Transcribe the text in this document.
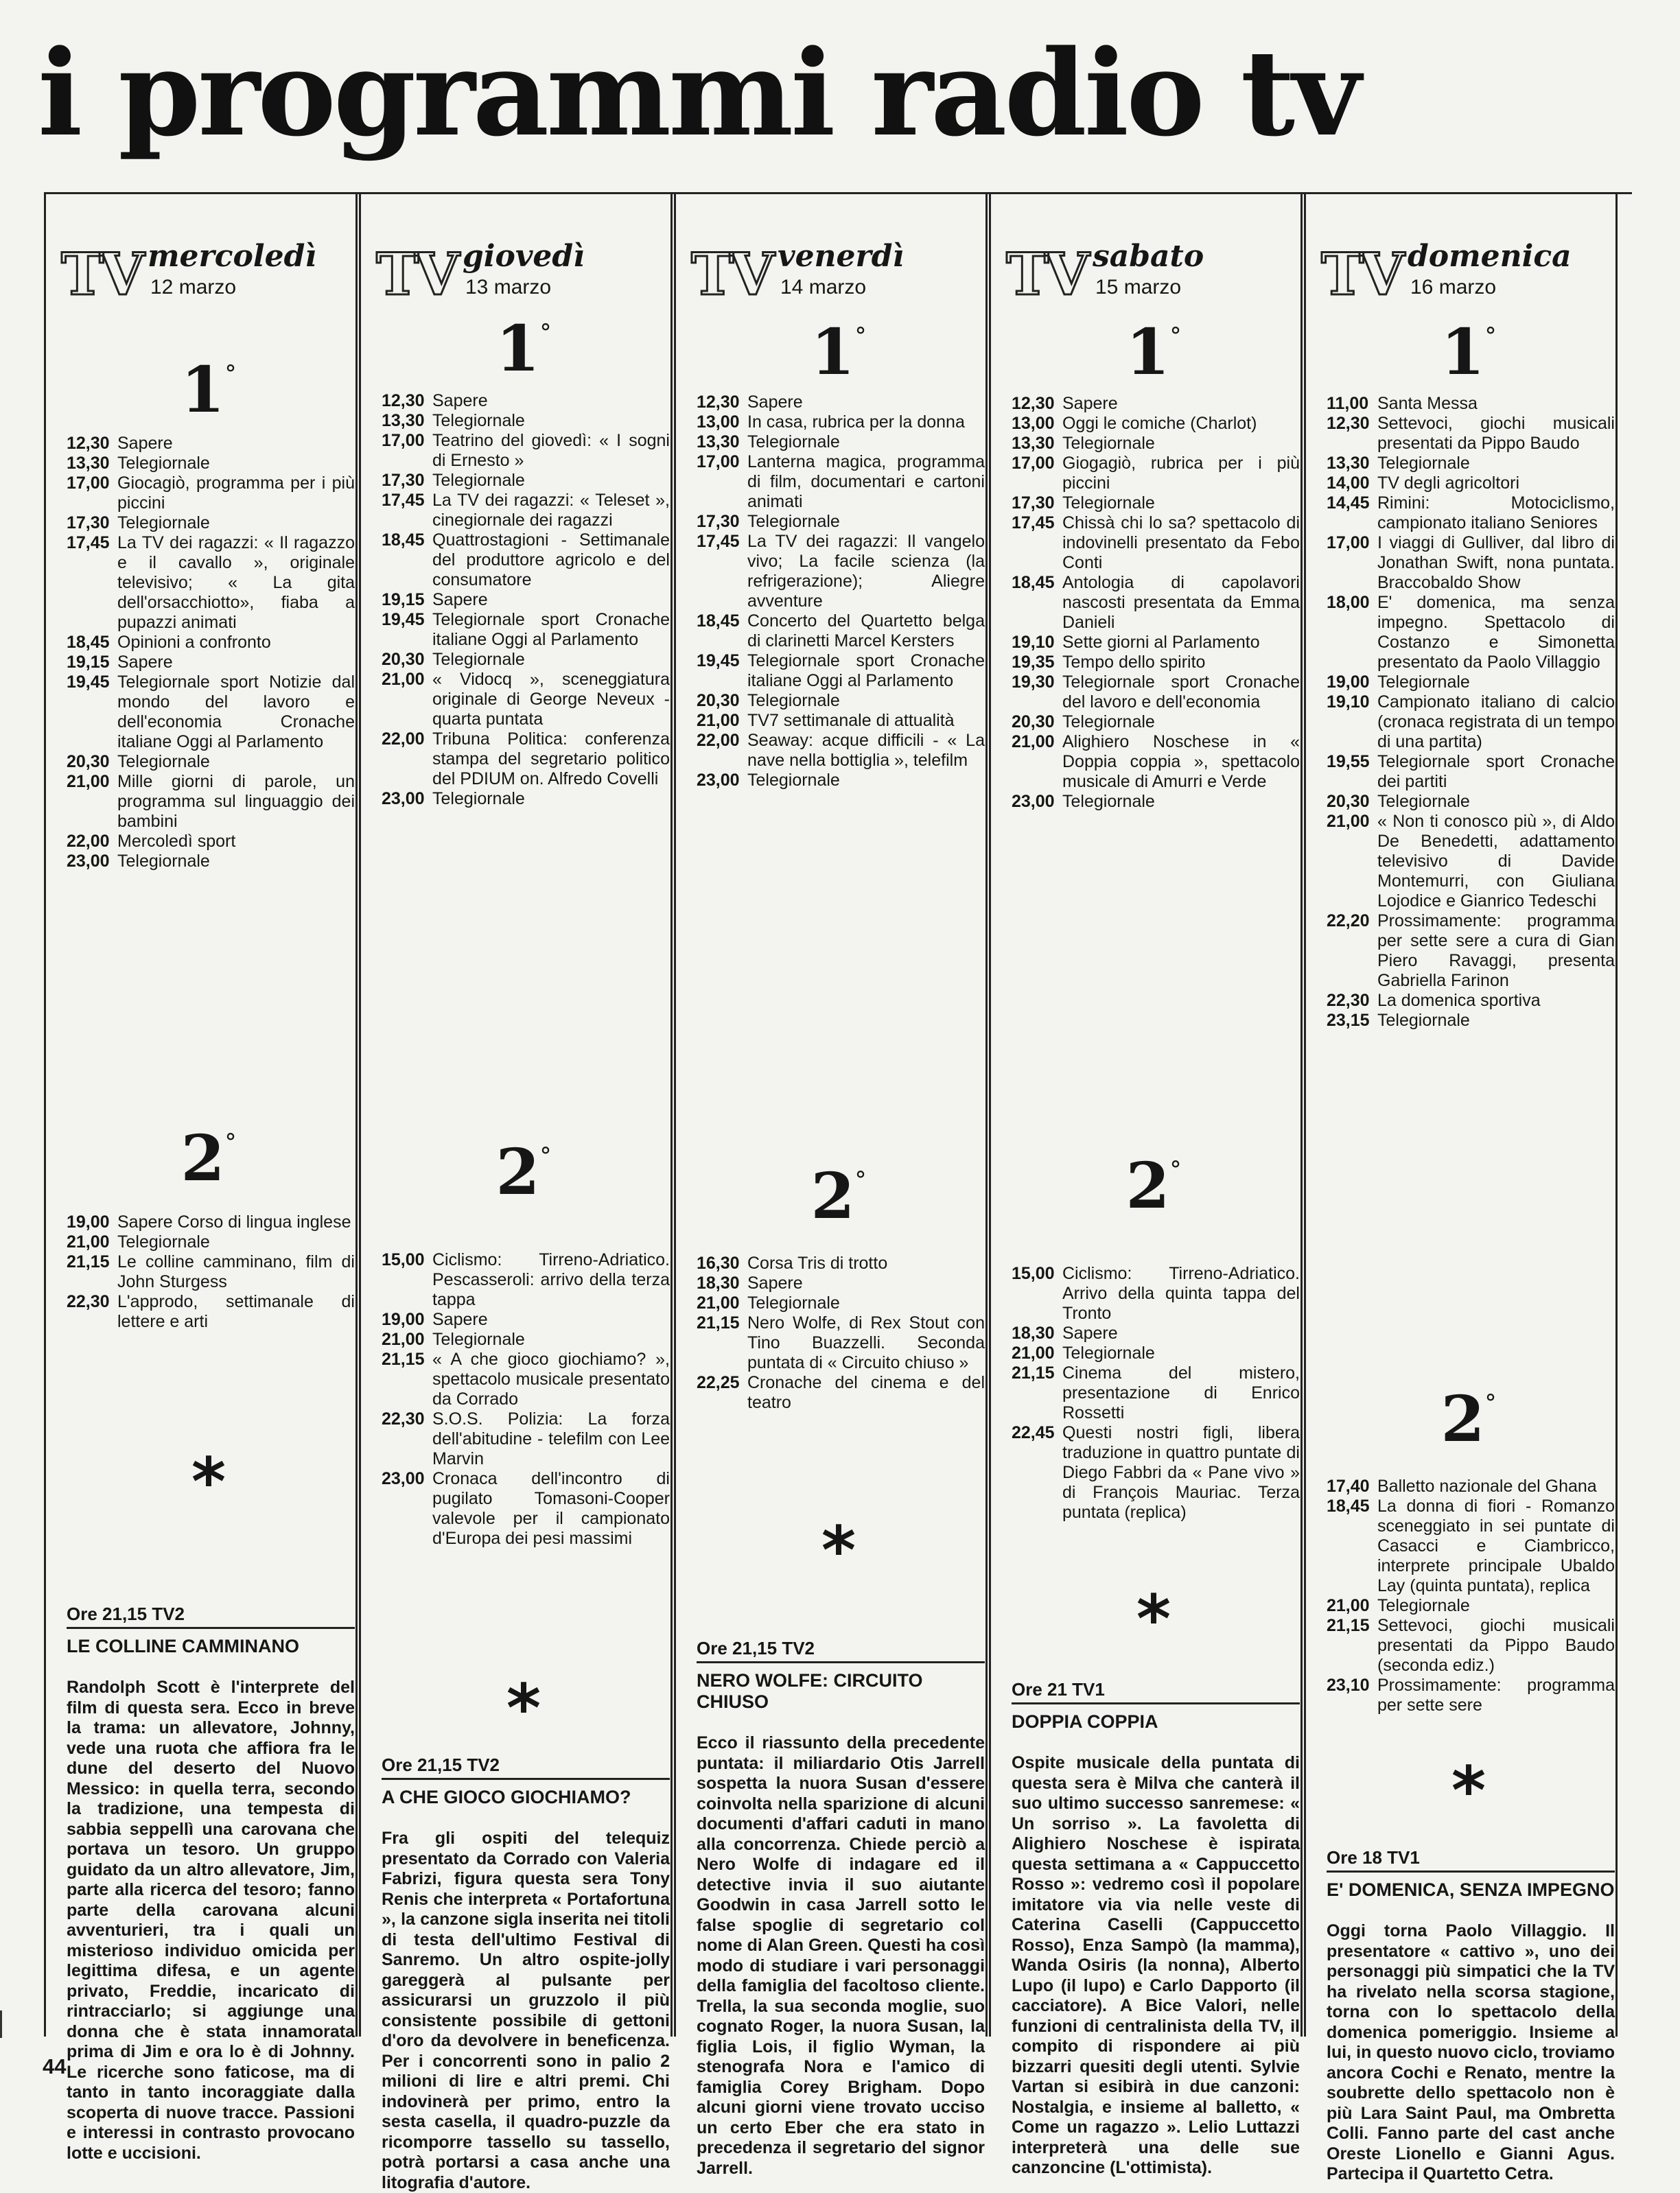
i programmi radio tv
TV mercoledì
12 marzo
1°
12,30 Sapere
13,30 Telegiornale
17,00 Giocagiò, programma per i più piccini
17,30 Telegiornale
17,45 La TV dei ragazzi: « Il ragazzo e il cavallo », originale televisivo; « La gita dell'orsacchiotto», fiaba a pupazzi animati
18,45 Opinioni a confronto
19,15 Sapere
19,45 Telegiornale sport Notizie dal mondo del lavoro e dell'economia Cronache italiane Oggi al Parlamento
20,30 Telegiornale
21,00 Mille giorni di parole, un programma sul linguaggio dei bambini
22,00 Mercoledì sport
23,00 Telegiornale
2°
19,00 Sapere Corso di lingua inglese
21,00 Telegiornale
21,15 Le colline camminano, film di John Sturgess
22,30 L'approdo, settimanale di lettere e arti
*
Ore 21,15 TV2
LE COLLINE CAMMINANO
Randolph Scott è l'interprete del film di questa sera. Ecco in breve la trama: un allevatore, Johnny, vede una ruota che affiora fra le dune del deserto del Nuovo Messico: in quella terra, secondo la tradizione, una tempesta di sabbia seppellì una carovana che portava un tesoro. Un gruppo guidato da un altro allevatore, Jim, parte alla ricerca del tesoro; fanno parte della carovana alcuni avventurieri, tra i quali un misterioso individuo omicida per legittima difesa, e un agente privato, Freddie, incaricato di rintracciarlo; si aggiunge una donna che è stata innamorata prima di Jim e ora lo è di Johnny. Le ricerche sono faticose, ma di tanto in tanto incoraggiate dalla scoperta di nuove tracce. Passioni e interessi in contrasto provocano lotte e uccisioni.
TV giovedì
13 marzo
1°
12,30 Sapere
13,30 Telegiornale
17,00 Teatrino del giovedì: « I sogni di Ernesto »
17,30 Telegiornale
17,45 La TV dei ragazzi: « Teleset », cinegiornale dei ragazzi
18,45 Quattrostagioni - Settimanale del produttore agricolo e del consumatore
19,15 Sapere
19,45 Telegiornale sport Cronache italiane Oggi al Parlamento
20,30 Telegiornale
21,00 « Vidocq », sceneggiatura originale di George Neveux - quarta puntata
22,00 Tribuna Politica: conferenza stampa del segretario politico del PDIUM on. Alfredo Covelli
23,00 Telegiornale
2°
15,00 Ciclismo: Tirreno-Adriatico. Pescasseroli: arrivo della terza tappa
19,00 Sapere
21,00 Telegiornale
21,15 « A che gioco giochiamo? », spettacolo musicale presentato da Corrado
22,30 S.O.S. Polizia: La forza dell'abitudine - telefilm con Lee Marvin
23,00 Cronaca dell'incontro di pugilato Tomasoni-Cooper valevole per il campionato d'Europa dei pesi massimi
*
Ore 21,15 TV2
A CHE GIOCO GIOCHIAMO?
Fra gli ospiti del telequiz presentato da Corrado con Valeria Fabrizi, figura questa sera Tony Renis che interpreta « Portafortuna », la canzone sigla inserita nei titoli di testa dell'ultimo Festival di Sanremo. Un altro ospite-jolly gareggerà al pulsante per assicurarsi un gruzzolo il più consistente possibile di gettoni d'oro da devolvere in beneficenza. Per i concorrenti sono in palio 2 milioni di lire e altri premi. Chi indovinerà per primo, entro la sesta casella, il quadro-puzzle da ricomporre tassello su tassello, potrà portarsi a casa anche una litografia d'autore.
TV venerdì
14 marzo
1°
12,30 Sapere
13,00 In casa, rubrica per la donna
13,30 Telegiornale
17,00 Lanterna magica, programma di film, documentari e cartoni animati
17,30 Telegiornale
17,45 La TV dei ragazzi: Il vangelo vivo; La facile scienza (la refrigerazione); Aliegre avventure
18,45 Concerto del Quartetto belga di clarinetti Marcel Kersters
19,45 Telegiornale sport Cronache italiane Oggi al Parlamento
20,30 Telegiornale
21,00 TV7 settimanale di attualità
22,00 Seaway: acque difficili - « La nave nella bottiglia », telefilm
23,00 Telegiornale
2°
16,30 Corsa Tris di trotto
18,30 Sapere
21,00 Telegiornale
21,15 Nero Wolfe, di Rex Stout con Tino Buazzelli. Seconda puntata di « Circuito chiuso »
22,25 Cronache del cinema e del teatro
*
Ore 21,15 TV2
NERO WOLFE: CIRCUITO CHIUSO
Ecco il riassunto della precedente puntata: il miliardario Otis Jarrell sospetta la nuora Susan d'essere coinvolta nella sparizione di alcuni documenti d'affari caduti in mano alla concorrenza. Chiede perciò a Nero Wolfe di indagare ed il detective invia il suo aiutante Goodwin in casa Jarrell sotto le false spoglie di segretario col nome di Alan Green. Questi ha così modo di studiare i vari personaggi della famiglia del facoltoso cliente. Trella, la sua seconda moglie, suo cognato Roger, la nuora Susan, la figlia Lois, il figlio Wyman, la stenografa Nora e l'amico di famiglia Corey Brigham. Dopo alcuni giorni viene trovato ucciso un certo Eber che era stato in precedenza il segretario del signor Jarrell.
TV sabato
15 marzo
1°
12,30 Sapere
13,00 Oggi le comiche (Charlot)
13,30 Telegiornale
17,00 Giogagiò, rubrica per i più piccini
17,30 Telegiornale
17,45 Chissà chi lo sa? spettacolo di indovinelli presentato da Febo Conti
18,45 Antologia di capolavori nascosti presentata da Emma Danieli
19,10 Sette giorni al Parlamento
19,35 Tempo dello spirito
19,30 Telegiornale sport Cronache del lavoro e dell'economia
20,30 Telegiornale
21,00 Alighiero Noschese in « Doppia coppia », spettacolo musicale di Amurri e Verde
23,00 Telegiornale
2°
15,00 Ciclismo: Tirreno-Adriatico. Arrivo della quinta tappa del Tronto
18,30 Sapere
21,00 Telegiornale
21,15 Cinema del mistero, presentazione di Enrico Rossetti
22,45 Questi nostri figli, libera traduzione in quattro puntate di Diego Fabbri da « Pane vivo » di François Mauriac. Terza puntata (replica)
*
Ore 21 TV1
DOPPIA COPPIA
Ospite musicale della puntata di questa sera è Milva che canterà il suo ultimo successo sanremese: « Un sorriso ». La favoletta di Alighiero Noschese è ispirata questa settimana a « Cappuccetto Rosso »: vedremo così il popolare imitatore via via nelle veste di Caterina Caselli (Cappuccetto Rosso), Enza Sampò (la mamma), Wanda Osiris (la nonna), Alberto Lupo (il lupo) e Carlo Dapporto (il cacciatore). A Bice Valori, nelle funzioni di centralinista della TV, il compito di rispondere ai più bizzarri quesiti degli utenti. Sylvie Vartan si esibirà in due canzoni: Nostalgia, e insieme al balletto, « Come un ragazzo ». Lelio Luttazzi interpreterà una delle sue canzoncine (L'ottimista).
TV domenica
16 marzo
1°
11,00 Santa Messa
12,30 Settevoci, giochi musicali presentati da Pippo Baudo
13,30 Telegiornale
14,00 TV degli agricoltori
14,45 Rimini: Motociclismo, campionato italiano Seniores
17,00 I viaggi di Gulliver, dal libro di Jonathan Swift, nona puntata. Braccobaldo Show
18,00 E' domenica, ma senza impegno. Spettacolo di Costanzo e Simonetta presentato da Paolo Villaggio
19,00 Telegiornale
19,10 Campionato italiano di calcio (cronaca registrata di un tempo di una partita)
19,55 Telegiornale sport Cronache dei partiti
20,30 Telegiornale
21,00 « Non ti conosco più », di Aldo De Benedetti, adattamento televisivo di Davide Montemurri, con Giuliana Lojodice e Gianrico Tedeschi
22,20 Prossimamente: programma per sette sere a cura di Gian Piero Ravaggi, presenta Gabriella Farinon
22,30 La domenica sportiva
23,15 Telegiornale
2°
17,40 Balletto nazionale del Ghana
18,45 La donna di fiori - Romanzo sceneggiato in sei puntate di Casacci e Ciambricco, interprete principale Ubaldo Lay (quinta puntata), replica
21,00 Telegiornale
21,15 Settevoci, giochi musicali presentati da Pippo Baudo (seconda ediz.)
23,10 Prossimamente: programma per sette sere
*
Ore 18 TV1
E' DOMENICA, SENZA IMPEGNO
Oggi torna Paolo Villaggio. Il presentatore « cattivo », uno dei personaggi più simpatici che la TV ha rivelato nella scorsa stagione, torna con lo spettacolo della domenica pomeriggio. Insieme a lui, in questo nuovo ciclo, troviamo ancora Cochi e Renato, mentre la soubrette dello spettacolo non è più Lara Saint Paul, ma Ombretta Colli. Fanno parte del cast anche Oreste Lionello e Gianni Agus. Partecipa il Quartetto Cetra.
44
